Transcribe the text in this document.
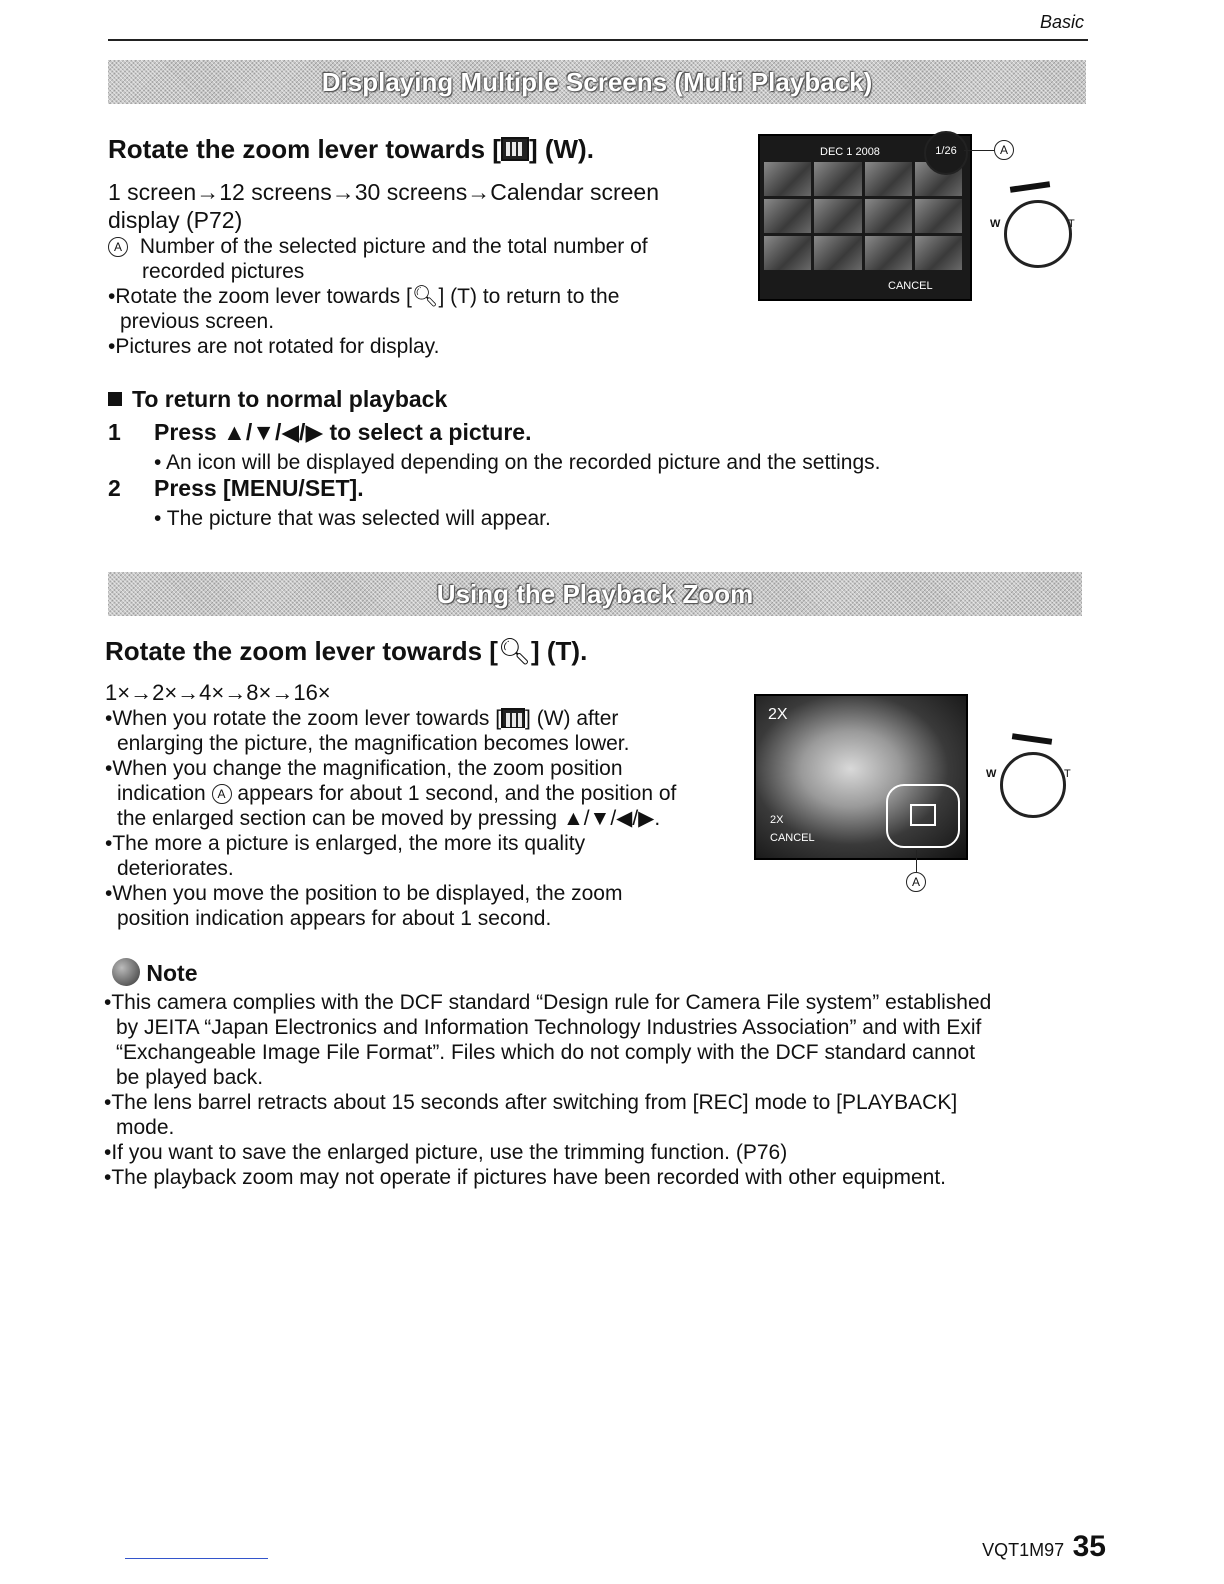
Basic
Displaying Multiple Screens (Multi Playback)
Rotate the zoom lever towards [ ] (W).
1 screen→12 screens→30 screens→Calendar screen
display (P72)
A Number of the selected picture and the total number of
recorded pictures
•Rotate the zoom lever towards [🔍︎] (T) to return to the
previous screen.
•Pictures are not rotated for display.
DEC 1 2008
CANCEL
1/26	A
W	T
To return to normal playback
1 Press ▲/▼/◀/▶ to select a picture.
• An icon will be displayed depending on the recorded picture and the settings.
2 Press [MENU/SET].
• The picture that was selected will appear.
Using the Playback Zoom
Rotate the zoom lever towards [🔍︎] (T).
1×→2×→4×→8×→16×
•When you rotate the zoom lever towards [ ] (W) after
enlarging the picture, the magnification becomes lower.
•When you change the magnification, the zoom position
indication A appears for about 1 second, and the position of
the enlarged section can be moved by pressing ▲/▼/◀/▶.
•The more a picture is enlarged, the more its quality
deteriorates.
•When you move the position to be displayed, the zoom
position indication appears for about 1 second.
2X
2X
CANCEL
A
W	T
Note
•This camera complies with the DCF standard “Design rule for Camera File system” established
by JEITA “Japan Electronics and Information Technology Industries Association” and with Exif
“Exchangeable Image File Format”. Files which do not comply with the DCF standard cannot
be played back.
•The lens barrel retracts about 15 seconds after switching from [REC] mode to [PLAYBACK]
mode.
•If you want to save the enlarged picture, use the trimming function. (P76)
•The playback zoom may not operate if pictures have been recorded with other equipment.
VQT1M97 35
